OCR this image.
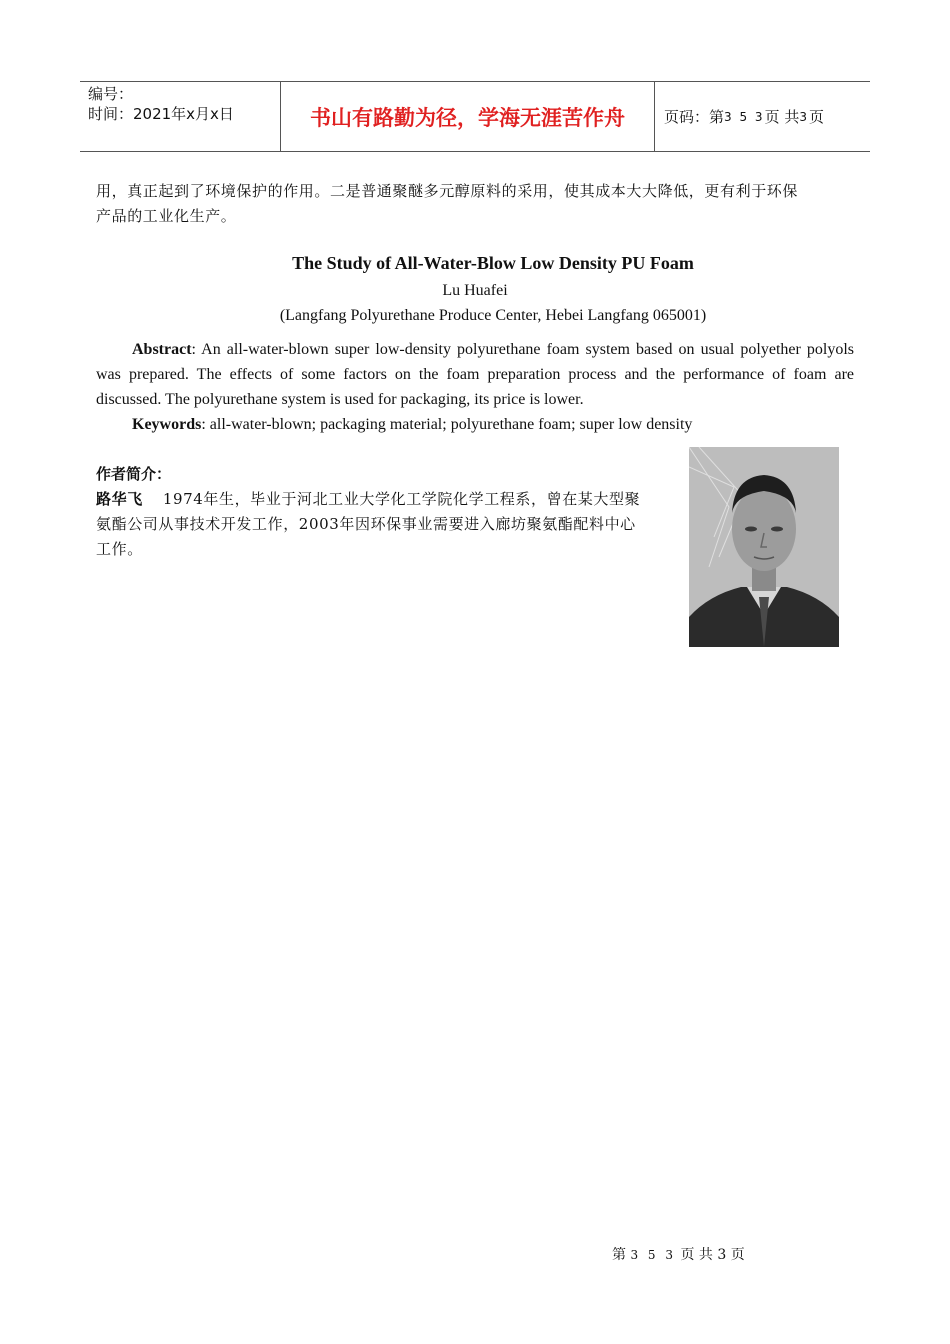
编号：
时间：2021年x月x日	书山有路勤为径，学海无涯苦作舟	页码：第 3 5 3 页 共 3 页
用，真正起到了环境保护的作用。二是普通聚醚多元醇原料的采用，使其成本大大降低，更有利于环保
产品的工业化生产。
The Study of All-Water-Blow Low Density PU Foam
Lu Huafei
(Langfang Polyurethane Produce Center, Hebei Langfang 065001)
Abstract: An all-water-blown super low-density polyurethane foam system based on usual polyether polyols was prepared. The effects of some factors on the foam preparation process and the performance of foam are discussed. The polyurethane system is used for packaging, its price is lower.
Keywords: all-water-blown; packaging material; polyurethane foam; super low density
作者简介：
路华飞 1974年生，毕业于河北工业大学化工学院化学工程系，曾在某大型聚
氨酯公司从事技术开发工作，2003年因环保事业需要进入廊坊聚氨酯配料中心
工作。
第 3 5 3 页 共 3 页
